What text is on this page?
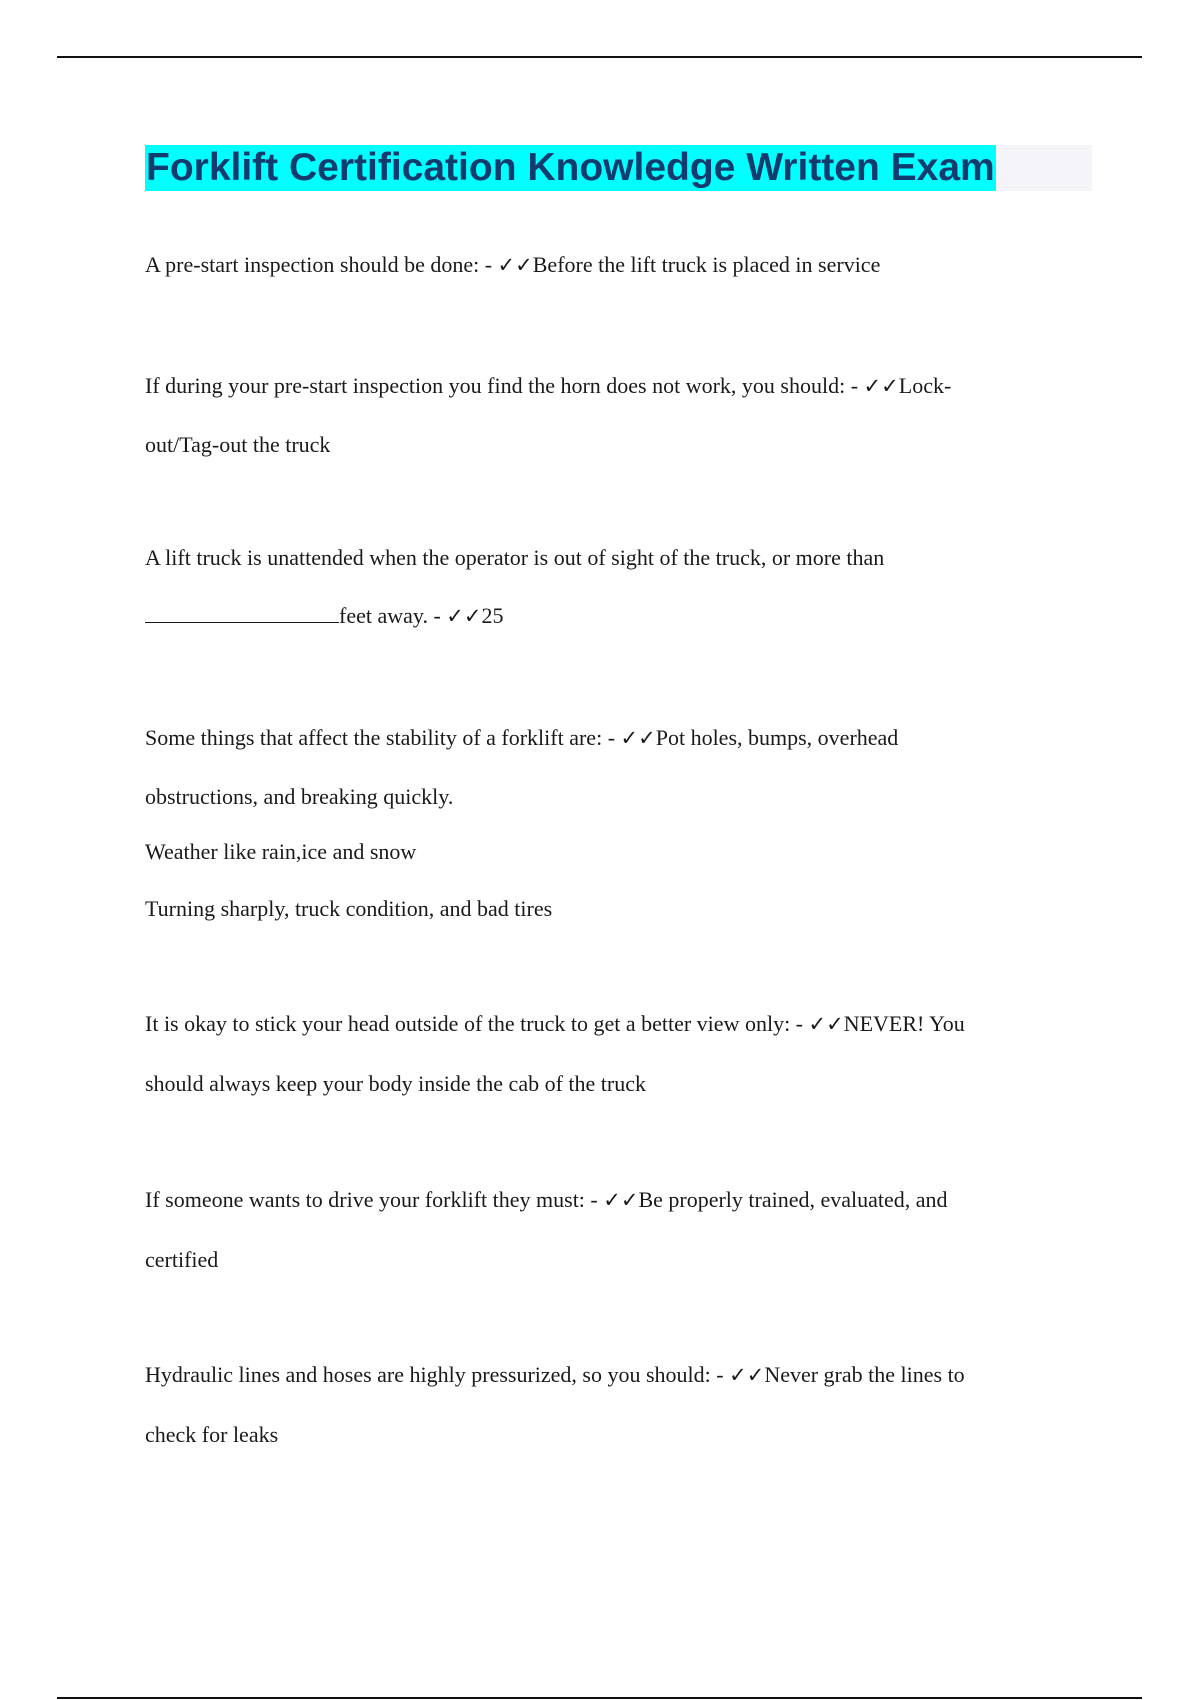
Forklift Certification Knowledge Written Exam
A pre-start inspection should be done: - ✓✓Before the lift truck is placed in service
If during your pre-start inspection you find the horn does not work, you should: - ✓✓Lock-
out/Tag-out the truck
A lift truck is unattended when the operator is out of sight of the truck, or more than
feet away. - ✓✓25
Some things that affect the stability of a forklift are: - ✓✓Pot holes, bumps, overhead
obstructions, and breaking quickly.
Weather like rain,ice and snow
Turning sharply, truck condition, and bad tires
It is okay to stick your head outside of the truck to get a better view only: - ✓✓NEVER! You
should always keep your body inside the cab of the truck
If someone wants to drive your forklift they must: - ✓✓Be properly trained, evaluated, and
certified
Hydraulic lines and hoses are highly pressurized, so you should: - ✓✓Never grab the lines to
check for leaks
